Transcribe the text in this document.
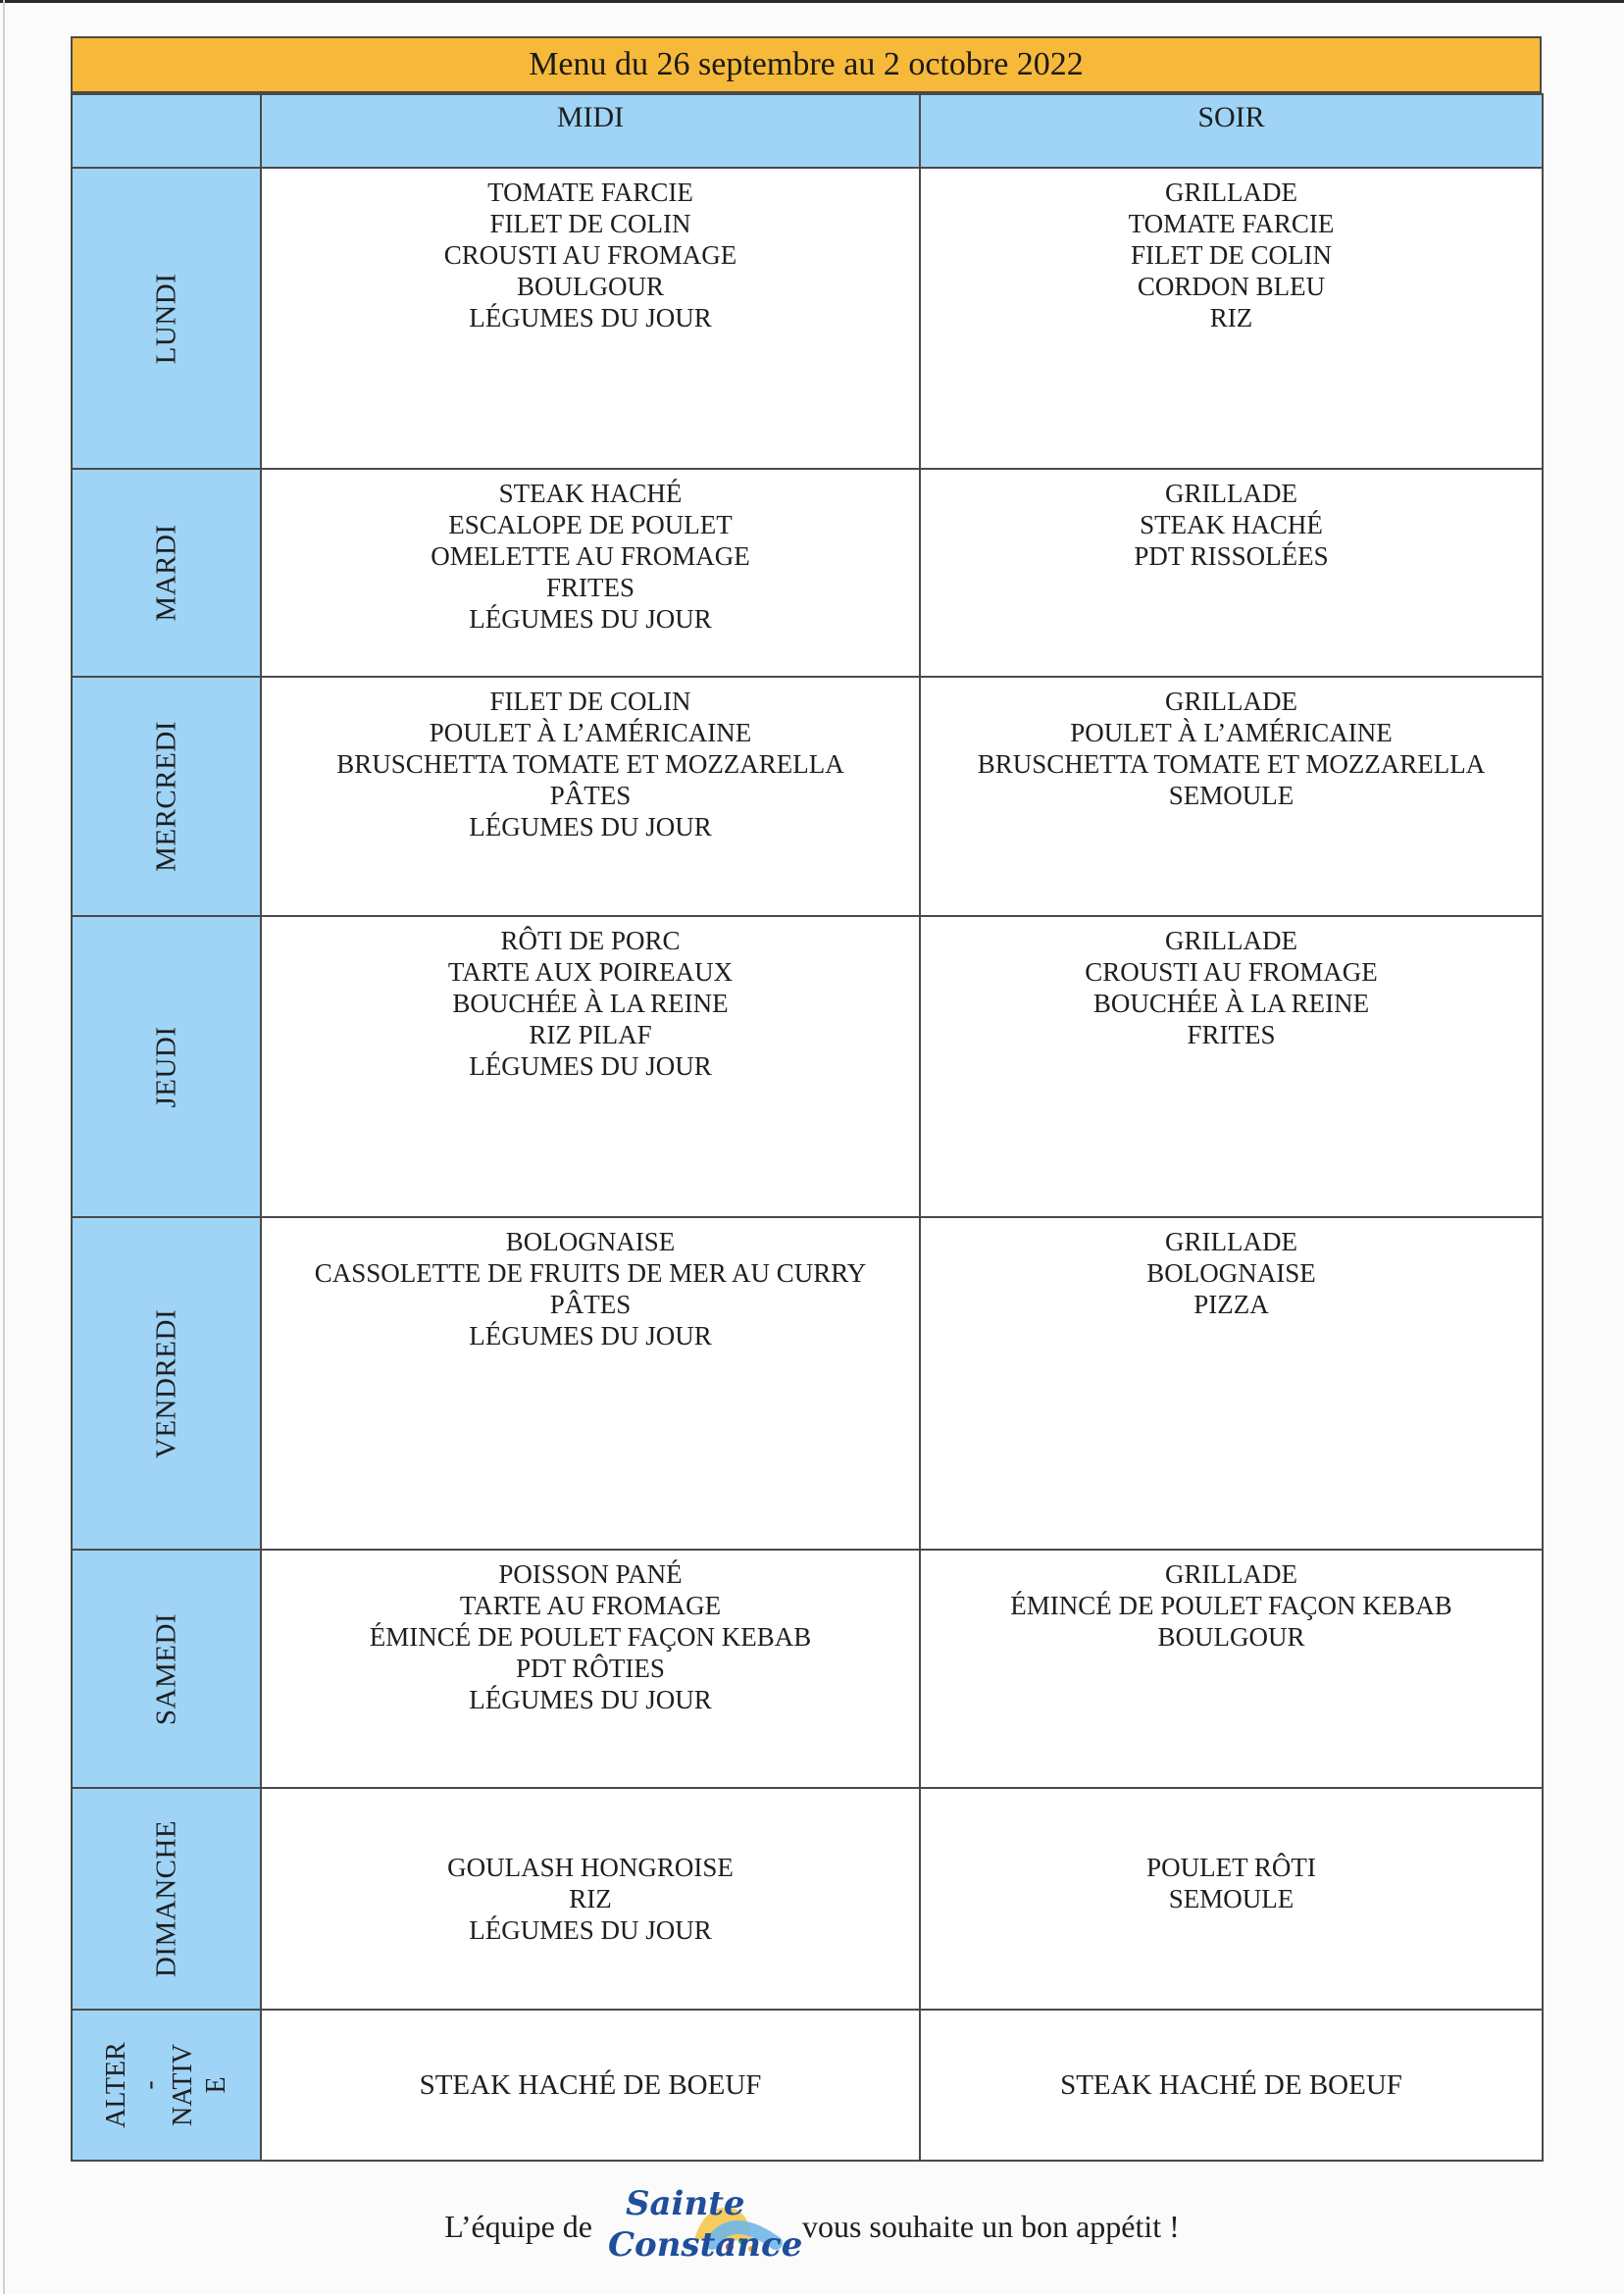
Menu du 26 septembre au 2 octobre 2022
	MIDI	SOIR

LUNDI	TOMATE FARCIE
FILET DE COLIN
CROUSTI AU FROMAGE
BOULGOUR
LÉGUMES DU JOUR	GRILLADE
TOMATE FARCIE
FILET DE COLIN
CORDON BLEU
RIZ

MARDI	STEAK HACHÉ
ESCALOPE DE POULET
OMELETTE AU FROMAGE
FRITES
LÉGUMES DU JOUR	GRILLADE
STEAK HACHÉ
PDT RISSOLÉES

MERCREDI	FILET DE COLIN
POULET À L’AMÉRICAINE
BRUSCHETTA TOMATE ET MOZZARELLA
PÂTES
LÉGUMES DU JOUR	GRILLADE
POULET À L’AMÉRICAINE
BRUSCHETTA TOMATE ET MOZZARELLA
SEMOULE

JEUDI	RÔTI DE PORC
TARTE AUX POIREAUX
BOUCHÉE À LA REINE
RIZ PILAF
LÉGUMES DU JOUR	GRILLADE
CROUSTI AU FROMAGE
BOUCHÉE À LA REINE
FRITES

VENDREDI	BOLOGNAISE
CASSOLETTE DE FRUITS DE MER AU CURRY
PÂTES
LÉGUMES DU JOUR	GRILLADE
BOLOGNAISE
PIZZA

SAMEDI	POISSON PANÉ
TARTE AU FROMAGE
ÉMINCÉ DE POULET FAÇON KEBAB
PDT RÔTIES
LÉGUMES DU JOUR	GRILLADE
ÉMINCÉ DE POULET FAÇON KEBAB
BOULGOUR

DIMANCHE	GOULASH HONGROISE
RIZ
LÉGUMES DU JOUR	POULET RÔTI
SEMOULE

ALTER
-
NATIV
E	STEAK HACHÉ DE BOEUF	STEAK HACHÉ DE BOEUF
L’équipe de
Sainte
Constance vous souhaite un bon appétit !
